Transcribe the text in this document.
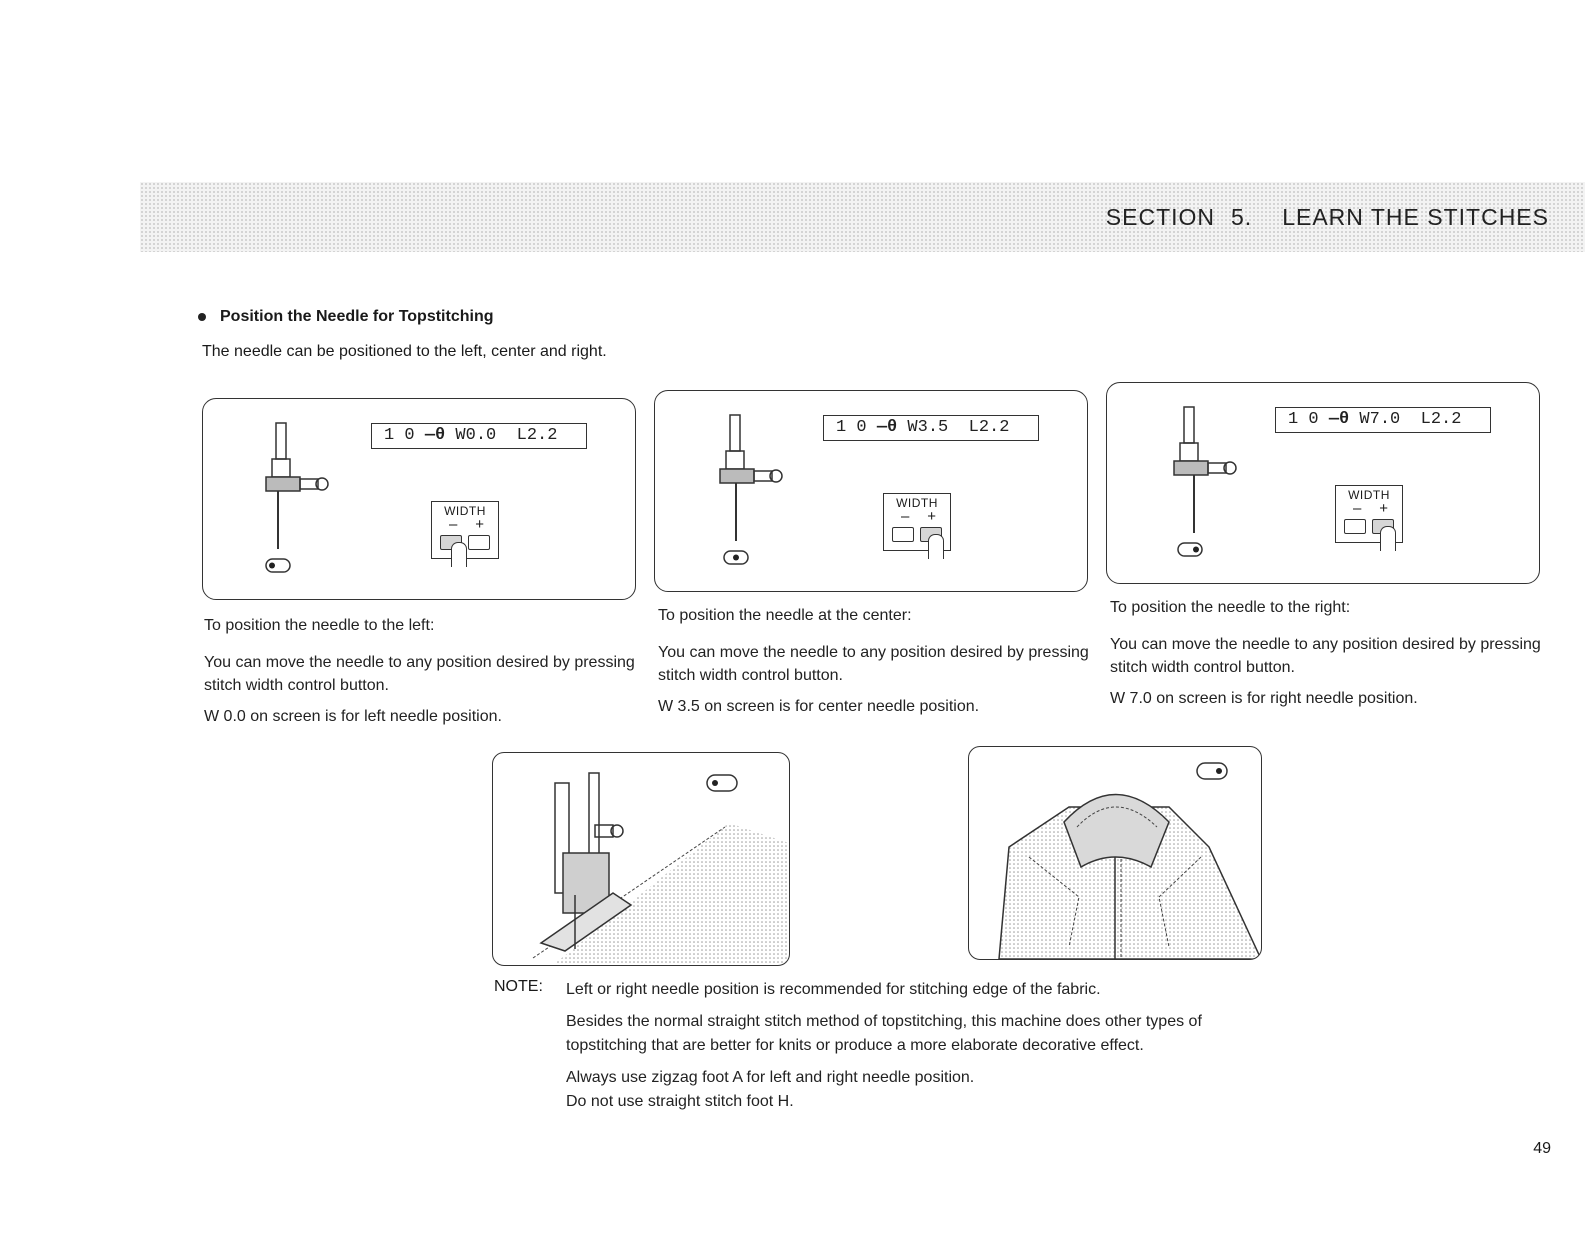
SECTION 5. LEARN THE STITCHES
Position the Needle for Topstitching
The needle can be positioned to the left, center and right.
1 0 —θ W0.0 L2.2
WIDTH
– +

To position the needle to the left:

You can move the needle to any position desired by pressing stitch width control button.

W 0.0 on screen is for left needle position.

1 0 —θ W3.5 L2.2
WIDTH
– +

To position the needle at the center:

You can move the needle to any position desired by pressing stitch width control button.

W 3.5 on screen is for center needle position.

1 0 —θ W7.0 L2.2
WIDTH
– +

To position the needle to the right:

You can move the needle to any position desired by pressing stitch width control button.

W 7.0 on screen is for right needle position.

NOTE: Left or right needle position is recommended for stitching edge of the fabric.

Besides the normal straight stitch method of topstitching, this machine does other types of topstitching that are better for knits or produce a more elaborate decorative effect.

Always use zigzag foot A for left and right needle position.

Do not use straight stitch foot H.

49
